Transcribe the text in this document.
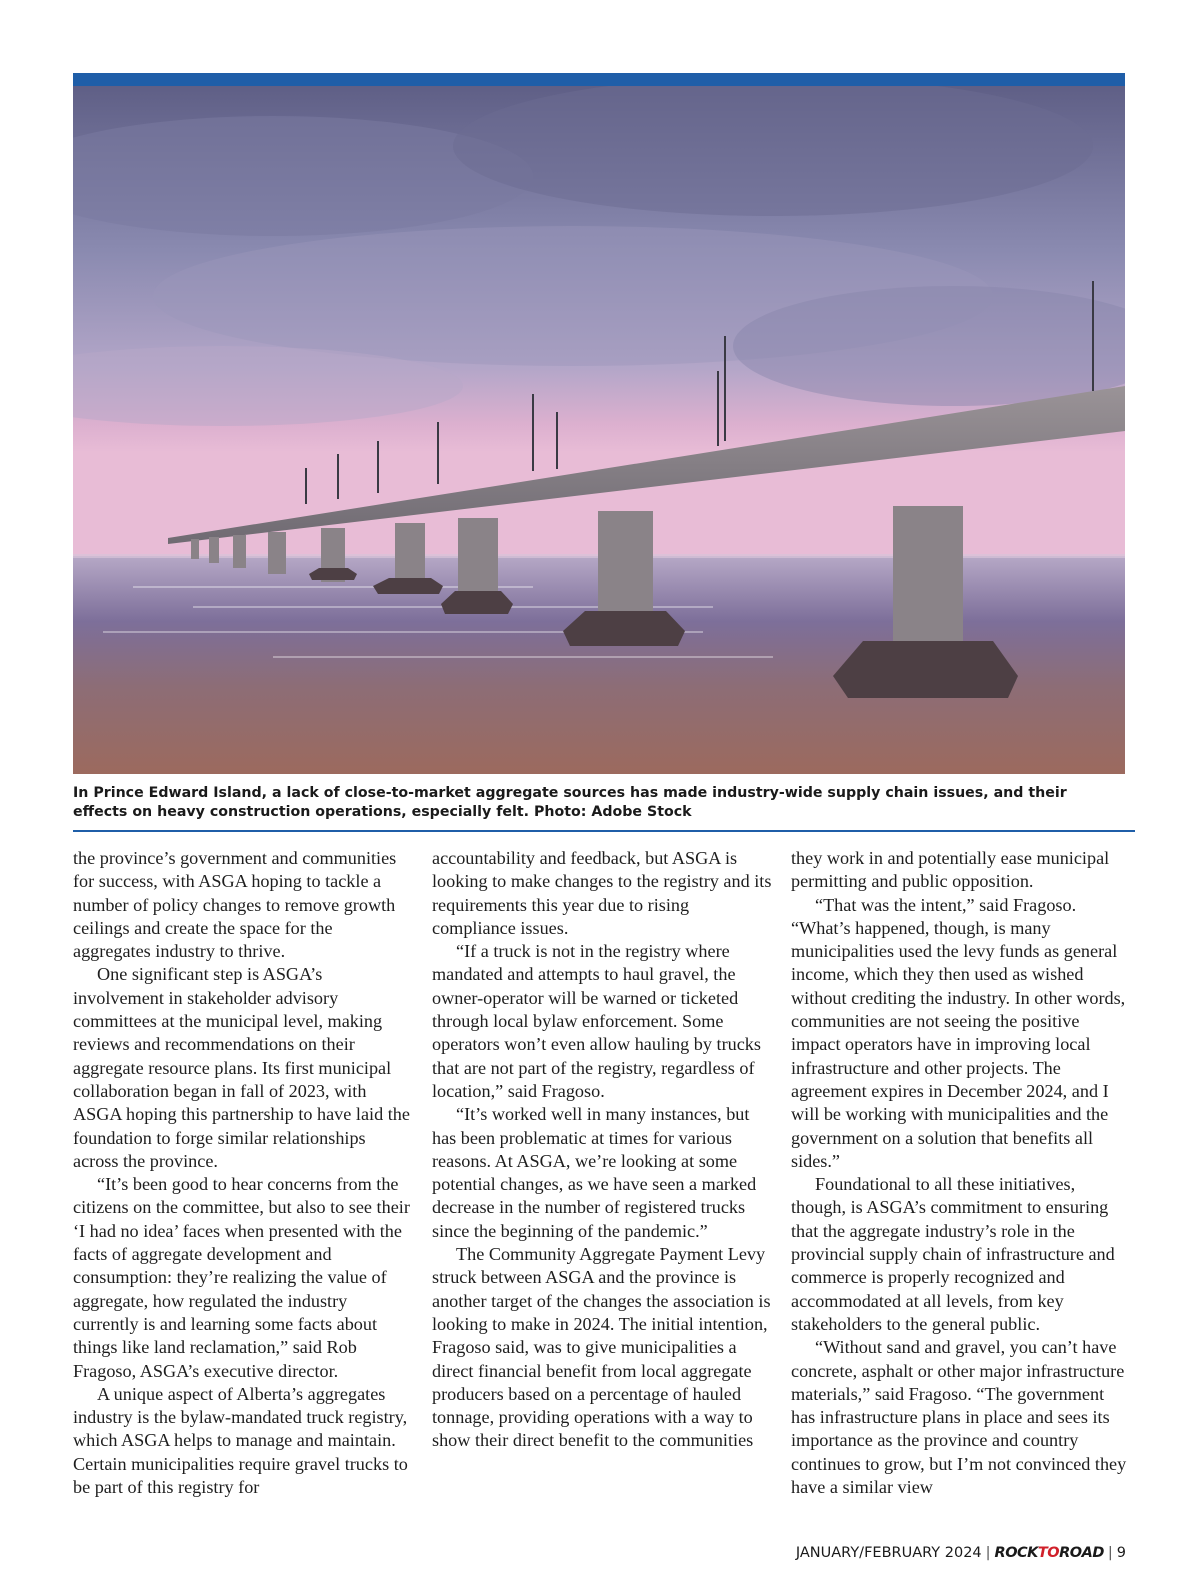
In Prince Edward Island, a lack of close-to-market aggregate sources has made industry-wide supply chain issues, and their effects on heavy construction operations, especially felt. Photo: Adobe Stock

the province’s government and communities for success, with ASGA hoping to tackle a number of policy changes to remove growth ceilings and create the space for the aggregates industry to thrive.

One significant step is ASGA’s involvement in stakeholder advisory committees at the municipal level, making reviews and recommendations on their aggregate resource plans. Its first municipal collaboration began in fall of 2023, with ASGA hoping this partnership to have laid the foundation to forge similar relationships across the province.

“It’s been good to hear concerns from the citizens on the committee, but also to see their ‘I had no idea’ faces when presented with the facts of aggregate development and consumption: they’re realizing the value of aggregate, how regulated the industry currently is and learning some facts about things like land reclamation,” said Rob Fragoso, ASGA’s executive director.

A unique aspect of Alberta’s aggregates industry is the bylaw-mandated truck registry, which ASGA helps to manage and maintain. Certain municipalities require gravel trucks to be part of this registry for

accountability and feedback, but ASGA is looking to make changes to the registry and its requirements this year due to rising compliance issues.

“If a truck is not in the registry where mandated and attempts to haul gravel, the owner-operator will be warned or ticketed through local bylaw enforcement. Some operators won’t even allow hauling by trucks that are not part of the registry, regardless of location,” said Fragoso.

“It’s worked well in many instances, but has been problematic at times for various reasons. At ASGA, we’re looking at some potential changes, as we have seen a marked decrease in the number of registered trucks since the beginning of the pandemic.”

The Community Aggregate Payment Levy struck between ASGA and the province is another target of the changes the association is looking to make in 2024. The initial intention, Fragoso said, was to give municipalities a direct financial benefit from local aggregate producers based on a percentage of hauled tonnage, providing operations with a way to show their direct benefit to the communities

they work in and potentially ease municipal permitting and public opposition.

“That was the intent,” said Fragoso. “What’s happened, though, is many municipalities used the levy funds as general income, which they then used as wished without crediting the industry. In other words, communities are not seeing the positive impact operators have in improving local infrastructure and other projects. The agreement expires in December 2024, and I will be working with municipalities and the government on a solution that benefits all sides.”

Foundational to all these initiatives, though, is ASGA’s commitment to ensuring that the aggregate industry’s role in the provincial supply chain of infrastructure and commerce is properly recognized and accommodated at all levels, from key stakeholders to the general public.

“Without sand and gravel, you can’t have concrete, asphalt or other major infrastructure materials,” said Fragoso. “The government has infrastructure plans in place and sees its importance as the province and country continues to grow, but I’m not convinced they have a similar view

JANUARY/FEBRUARY 2024 | ROCKTOROAD | 9
